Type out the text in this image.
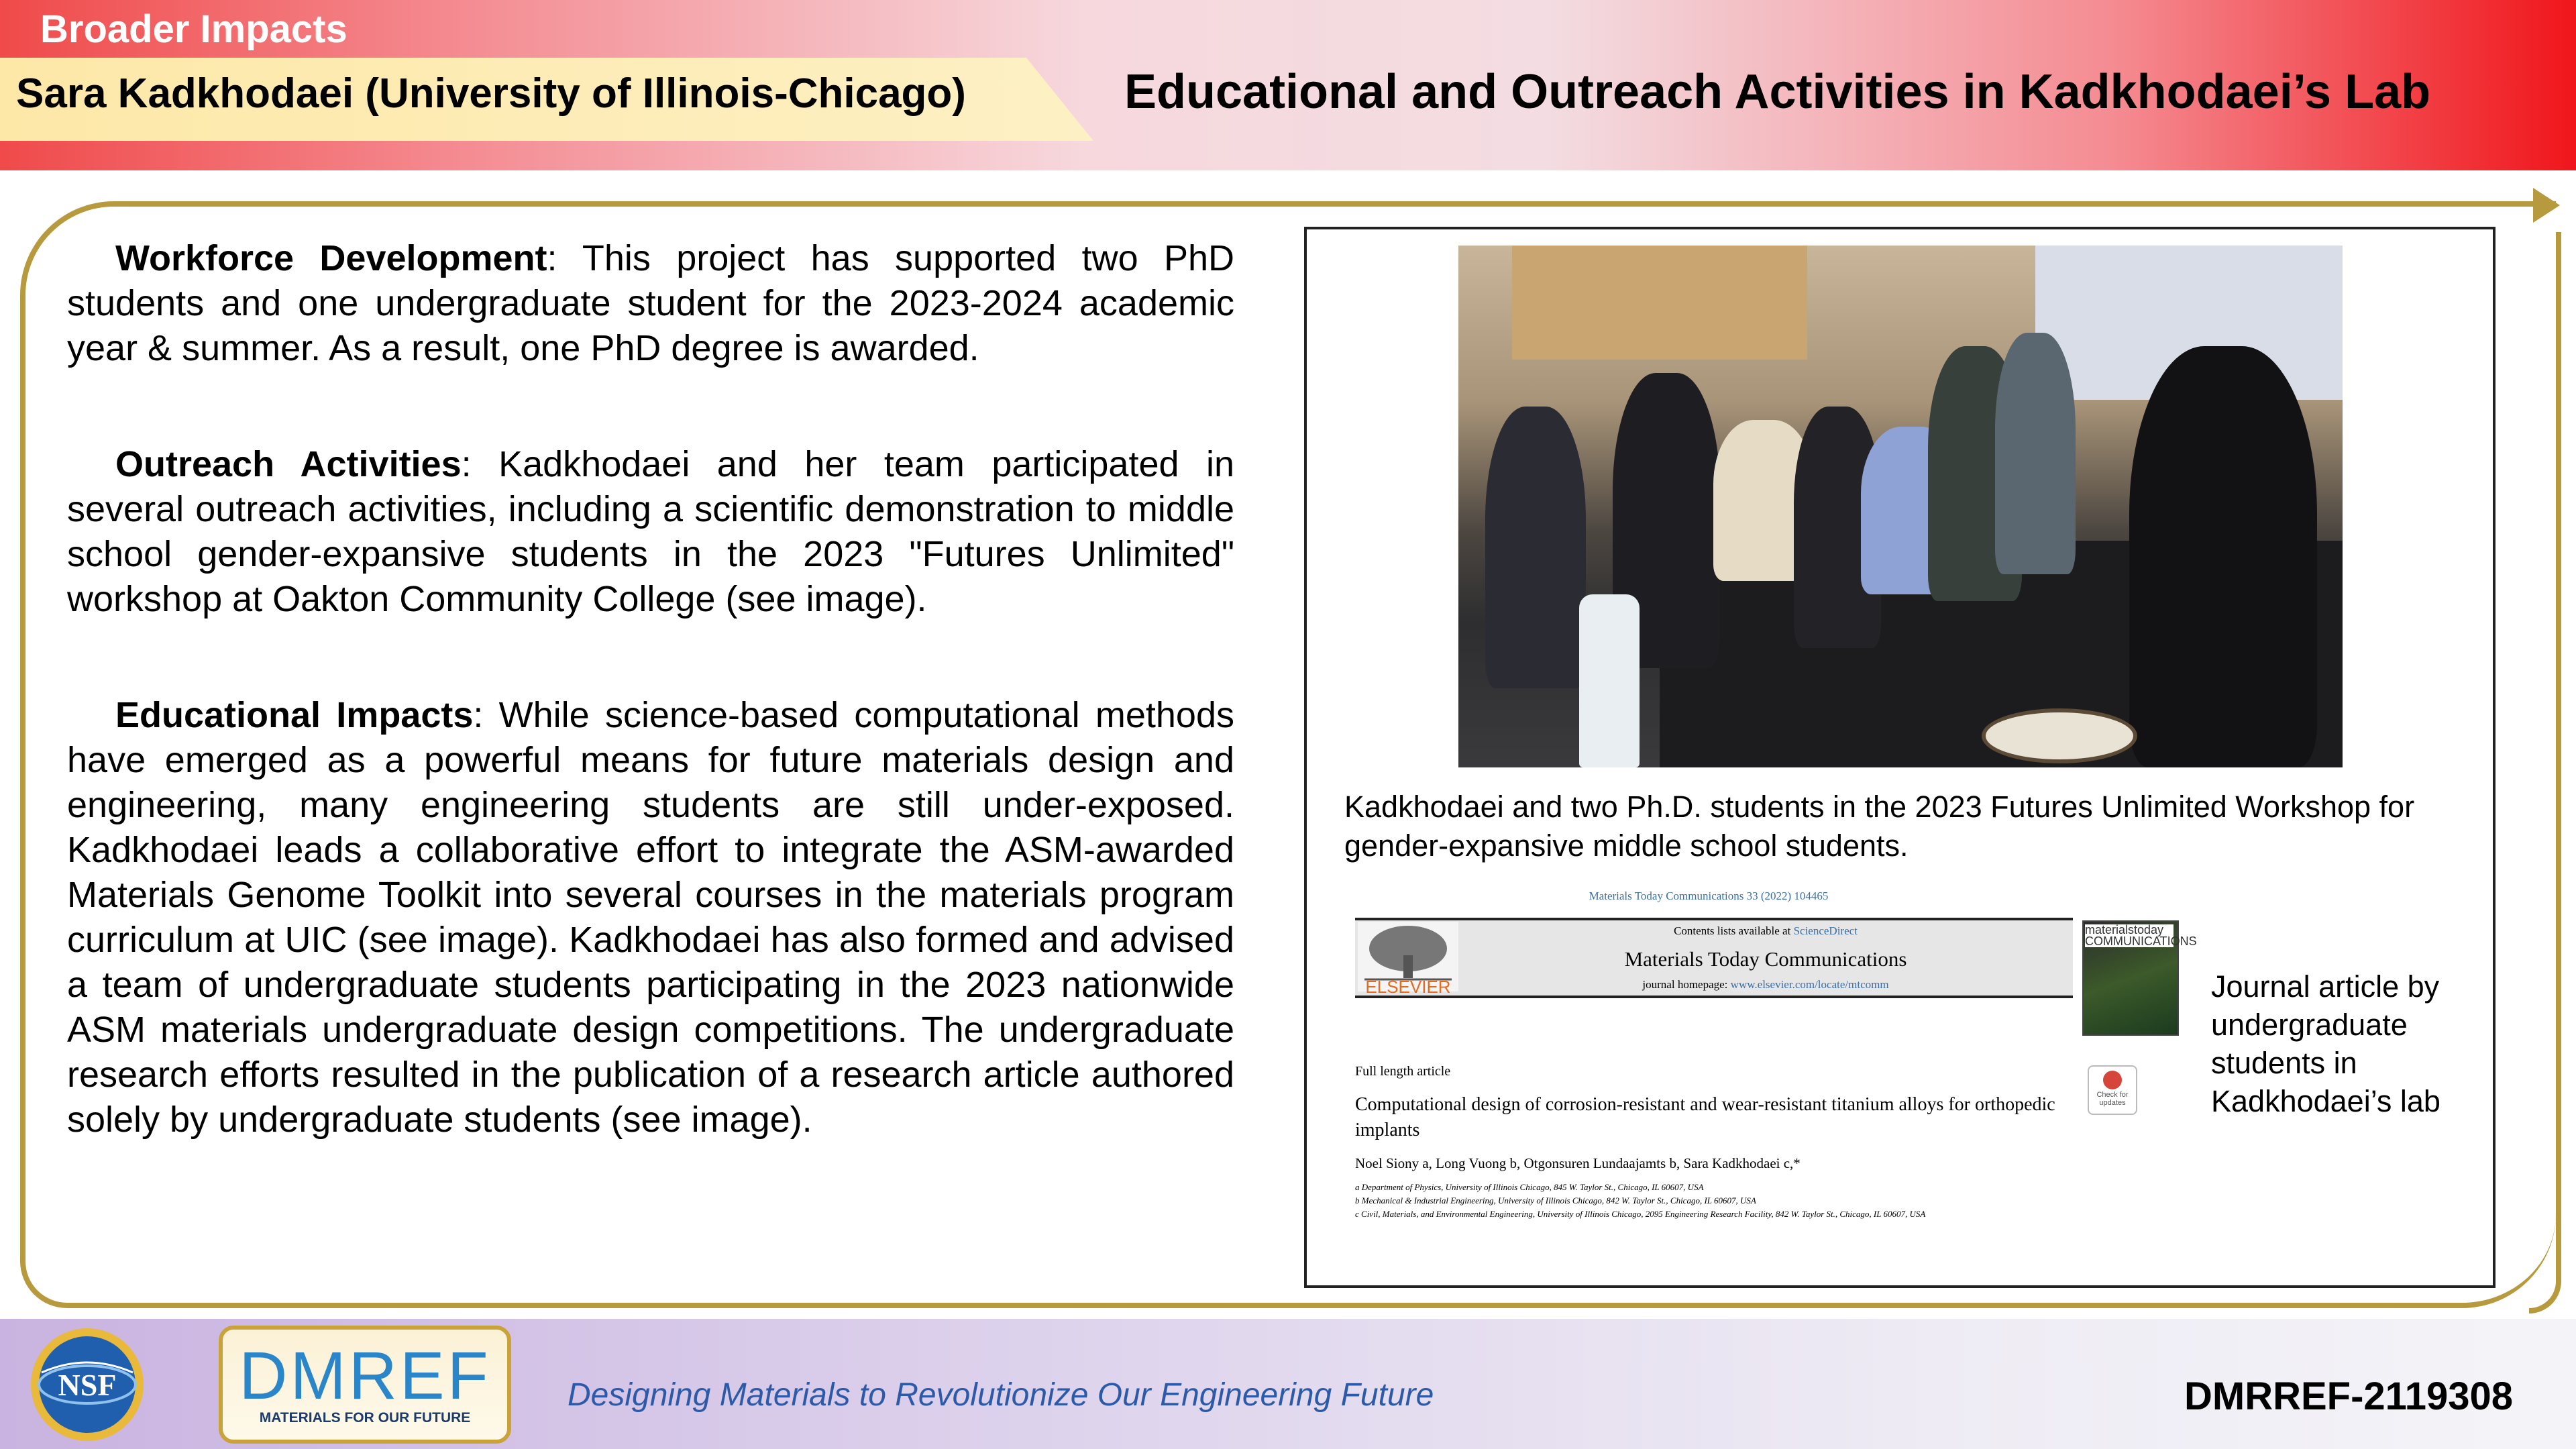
Broader Impacts
Sara Kadkhodaei (University of Illinois-Chicago)	Educational and Outreach Activities in Kadkhodaei’s Lab

Workforce Development: This project has supported two PhD students and one undergraduate student for the 2023-2024 academic year & summer. As a result, one PhD degree is awarded.

Outreach Activities: Kadkhodaei and her team participated in several outreach activities, including a scientific demonstration to middle school gender-expansive students in the 2023 "Futures Unlimited" workshop at Oakton Community College (see image).

Educational Impacts: While science-based computational methods have emerged as a powerful means for future materials design and engineering, many engineering students are still under-exposed. Kadkhodaei leads a collaborative effort to integrate the ASM-awarded Materials Genome Toolkit into several courses in the materials program curriculum at UIC (see image). Kadkhodaei has also formed and advised a team of undergraduate students participating in the 2023 nationwide ASM materials undergraduate design competitions. The undergraduate research efforts resulted in the publication of a research article authored solely by undergraduate students (see image).

Kadkhodaei and two Ph.D. students in the 2023 Futures Unlimited Workshop for gender-expansive middle school students.
Materials Today Communications 33 (2022) 104465
ELSEVIER
Contents lists available at ScienceDirect
Materials Today Communications
journal homepage: www.elsevier.com/locate/mtcomm
materialstoday COMMUNICATIONS
Check for updates
Full length article
Computational design of corrosion-resistant and wear-resistant titanium alloys for orthopedic implants
Noel Siony a, Long Vuong b, Otgonsuren Lundaajamts b, Sara Kadkhodaei c,*
a Department of Physics, University of Illinois Chicago, 845 W. Taylor St., Chicago, IL 60607, USA
b Mechanical & Industrial Engineering, University of Illinois Chicago, 842 W. Taylor St., Chicago, IL 60607, USA
c Civil, Materials, and Environmental Engineering, University of Illinois Chicago, 2095 Engineering Research Facility, 842 W. Taylor St., Chicago, IL 60607, USA
Journal article by undergraduate students in Kadkhodaei’s lab
NSF DMREF
MATERIALS FOR OUR FUTURE
Designing Materials to Revolutionize Our Engineering Future	DMRREF-2119308
